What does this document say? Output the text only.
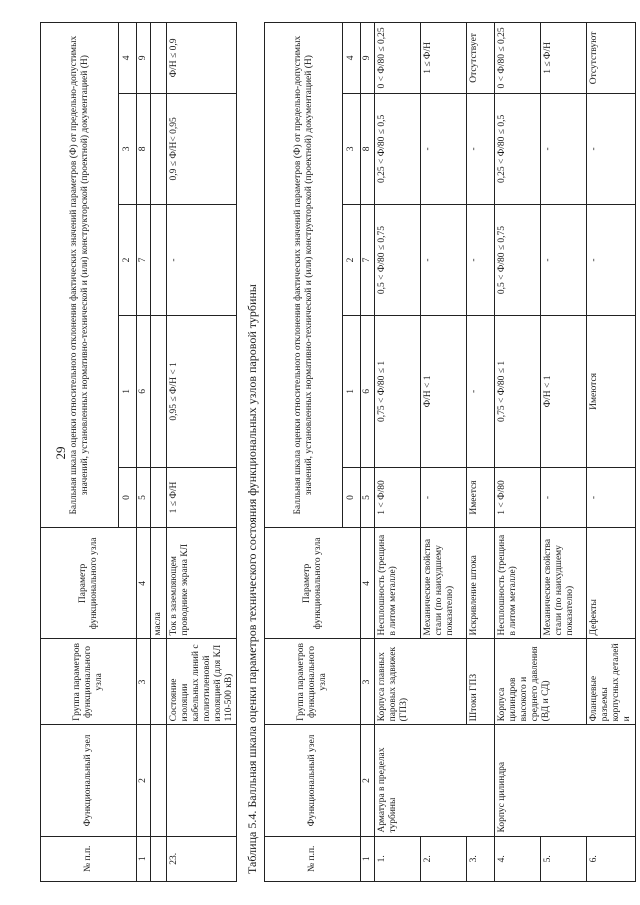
29
№ п.п.	Функциональный узел	Группа параметров функционального узла	Параметр функционального узла	Балльная шкала оценки относительного отклонения фактических значений параметров (Ф) от предельно-допустимых значений, установленных нормативно-технической и (или) конструкторской (проектной) документацией (Н)				
				0	1	2	3	4
1	2	3	4	5	6	7	8	9
			масла					
23.		Состояние изоляции кабельных линий с полиэтиленовой изоляцией (для КЛ 110-500 кВ)	Ток в заземляющем проводнике экрана КЛ	1 ≤ Ф/Н	0,95 ≤ Ф/Н < 1	-	0,9 ≤ Ф/Н< 0,95	Ф/Н ≤ 0,9
Таблица 5.4. Балльная шкала оценки параметров технического состояния функциональных узлов паровой турбины	№ п.п.	Функциональный узел	Группа параметров функционального узла	Параметр функционального узла	Балльная шкала оценки относительного отклонения фактических значений параметров (Ф) от предельно-допустимых значений, установленных нормативно-технической и (или) конструкторской (проектной) документацией (Н)				
				0	1	2	3	4
1	2	3	4	5	6	7	8	9
1.	Арматура в пределах турбины	Корпуса главных паровых задвижек (ГПЗ)	Несплошность (трещина в литом металле)	1 < Ф/80	0,75 < Ф/80 ≤ 1	0,5 < Ф/80 ≤ 0,75	0,25 < Ф/80 ≤ 0,5	0 < Ф/80 ≤ 0,25
2.			Механические свойства стали (по наихудшему показателю)	-	Ф/Н < 1	-	-	1 ≤ Ф/Н
3.		Штоки ГПЗ	Искривление штока	Имеется	-	-	-	Отсутствует
4.	Корпус цилиндра	Корпуса цилиндров высокого и среднего давления (ВД и СД)	Несплошность (трещина в литом металле)	1 < Ф/80	0,75 < Ф/80 ≤ 1	0,5 < Ф/80 ≤ 0,75	0,25 < Ф/80 ≤ 0,5	0 < Ф/80 ≤ 0,25
5.			Механические свойства стали (по наихудшему показателю)	-	Ф/Н < 1	-	-	1 ≤ Ф/Н
6.		Фланцевые разъемы корпусных деталей и	Дефекты	-	Имеются	-	-	Отсутствуют
